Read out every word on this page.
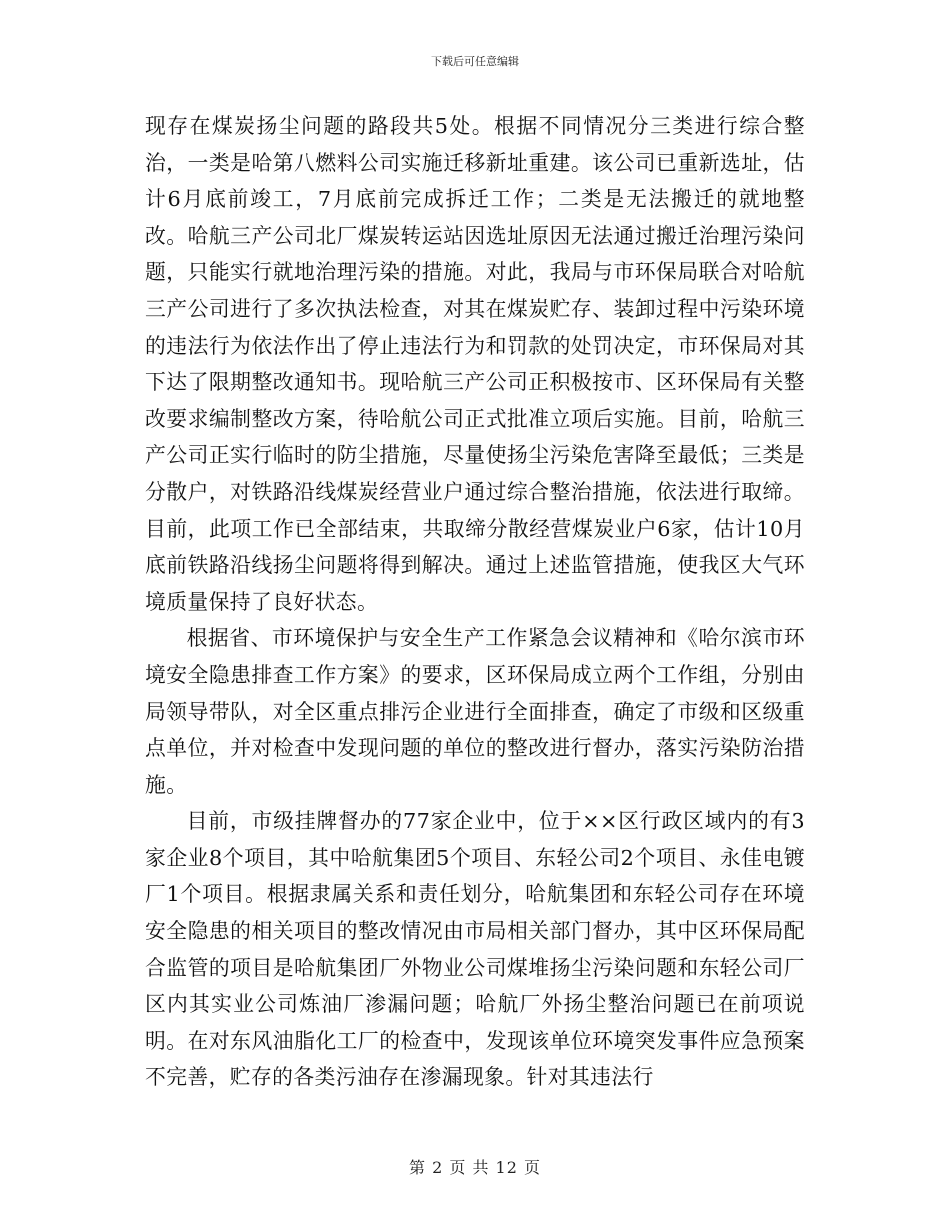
下载后可任意编辑

现存在煤炭扬尘问题的路段共5处。根据不同情况分三类进行综合整治，一类是哈第八燃料公司实施迁移新址重建。该公司已重新选址，估计6月底前竣工，7月底前完成拆迁工作；二类是无法搬迁的就地整改。哈航三产公司北厂煤炭转运站因选址原因无法通过搬迁治理污染问题，只能实行就地治理污染的措施。对此，我局与市环保局联合对哈航三产公司进行了多次执法检查，对其在煤炭贮存、装卸过程中污染环境的违法行为依法作出了停止违法行为和罚款的处罚决定，市环保局对其下达了限期整改通知书。现哈航三产公司正积极按市、区环保局有关整改要求编制整改方案，待哈航公司正式批准立项后实施。目前，哈航三产公司正实行临时的防尘措施，尽量使扬尘污染危害降至最低；三类是分散户，对铁路沿线煤炭经营业户通过综合整治措施，依法进行取缔。目前，此项工作已全部结束，共取缔分散经营煤炭业户6家，估计10月底前铁路沿线扬尘问题将得到解决。通过上述监管措施，使我区大气环境质量保持了良好状态。

根据省、市环境保护与安全生产工作紧急会议精神和《哈尔滨市环境安全隐患排查工作方案》的要求，区环保局成立两个工作组，分别由局领导带队，对全区重点排污企业进行全面排查，确定了市级和区级重点单位，并对检查中发现问题的单位的整改进行督办，落实污染防治措施。

目前，市级挂牌督办的77家企业中，位于××区行政区域内的有3家企业8个项目，其中哈航集团5个项目、东轻公司2个项目、永佳电镀厂1个项目。根据隶属关系和责任划分，哈航集团和东轻公司存在环境安全隐患的相关项目的整改情况由市局相关部门督办，其中区环保局配合监管的项目是哈航集团厂外物业公司煤堆扬尘污染问题和东轻公司厂区内其实业公司炼油厂渗漏问题；哈航厂外扬尘整治问题已在前项说明。在对东风油脂化工厂的检查中，发现该单位环境突发事件应急预案不完善，贮存的各类污油存在渗漏现象。针对其违法行

第 2 页 共 12 页
